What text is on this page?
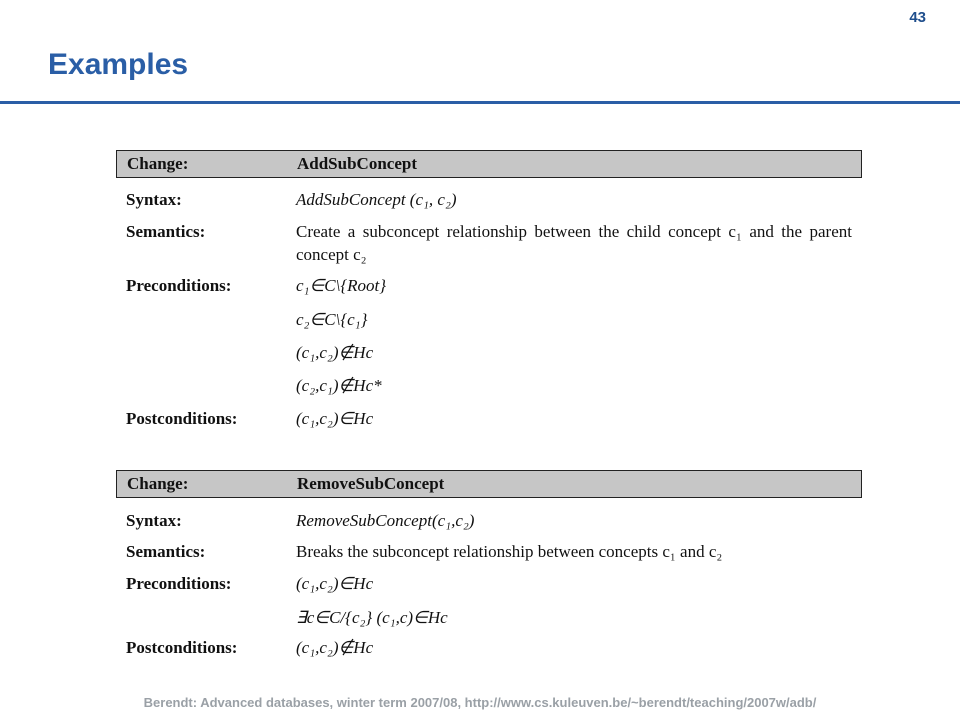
43
Examples
Change:	AddSubConcept
Syntax:	AddSubConcept (c₁, c₂)
Semantics:	Create a subconcept relationship between the child concept c₁ and the parent concept c₂
Preconditions:	c₁∈C\{Root}
c₂∈C\{c₁}
(c₁,c₂)∉Hc
(c₂,c₁)∉Hc*
Postconditions:	(c₁,c₂)∈Hc
Change:	RemoveSubConcept
Syntax:	RemoveSubConcept(c₁,c₂)
Semantics:	Breaks the subconcept relationship between concepts c₁ and c₂
Preconditions:	(c₁,c₂)∈Hc
∃c∈C/{c₂} (c₁,c)∈Hc
Postconditions:	(c₁,c₂)∉Hc
Berendt: Advanced databases, winter term 2007/08, http://www.cs.kuleuven.be/~berendt/teaching/2007w/adb/
